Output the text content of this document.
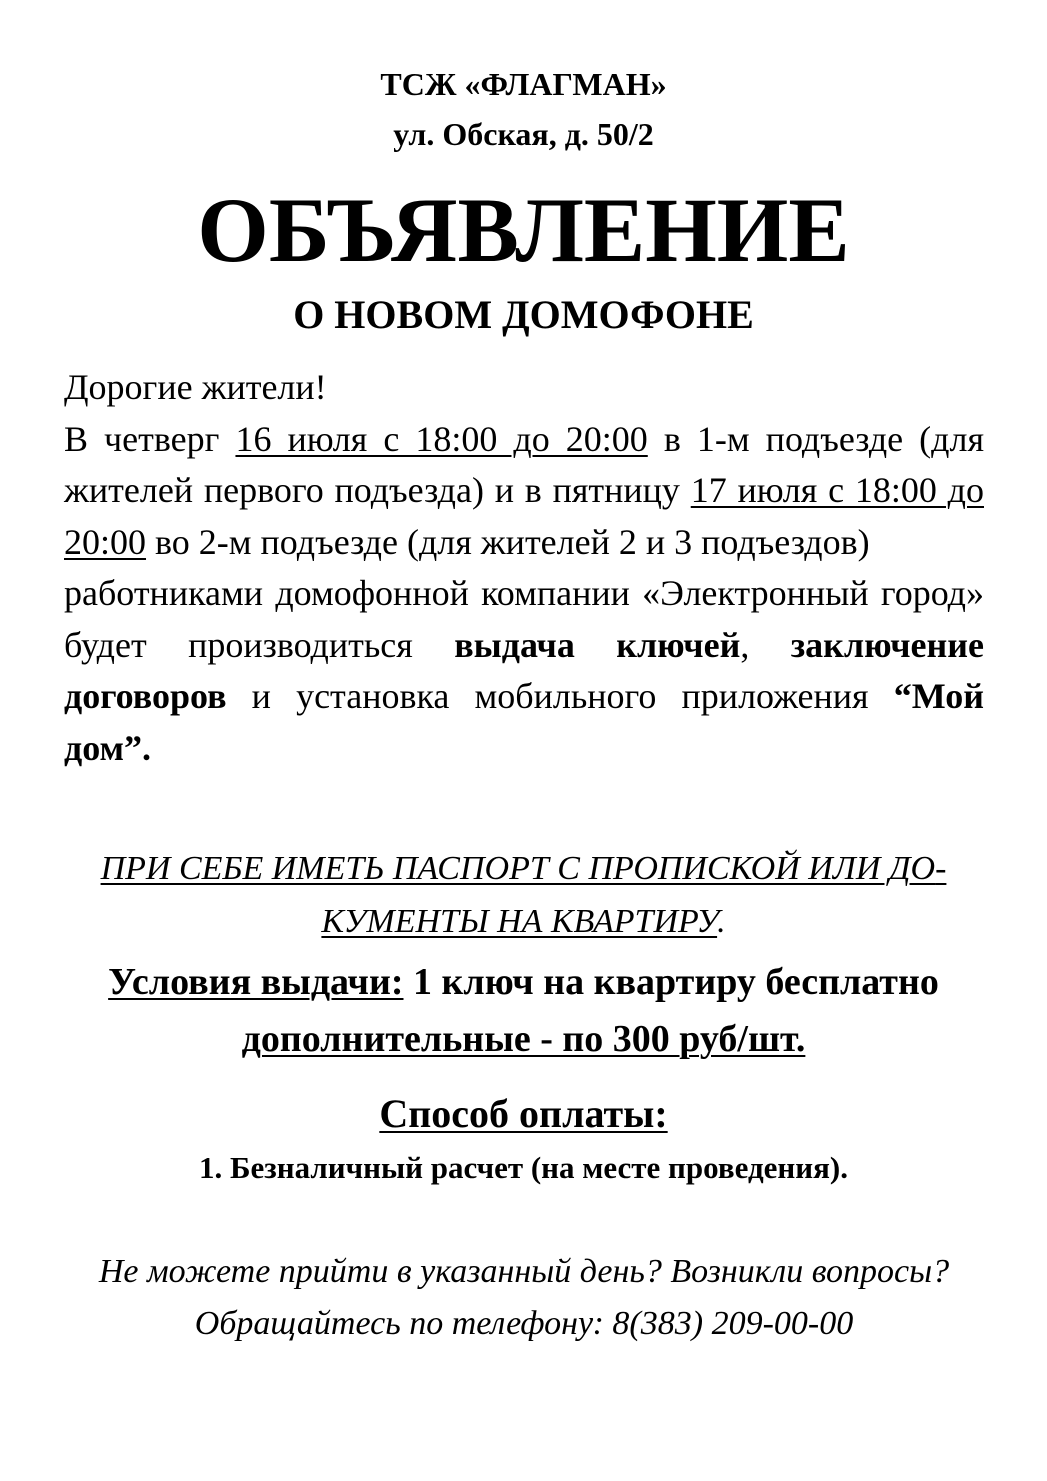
ТСЖ «ФЛАГМАН»
ул. Обская, д. 50/2
ОБЪЯВЛЕНИЕ
О НОВОМ ДОМОФОНЕ

Дорогие жители!

В четверг 16 июля с 18:00 до 20:00 в 1-м подъезде (для жителей первого подъезда) и в пятницу 17 июля с 18:00 до 20:00 во 2-м подъезде (для жителей 2 и 3 подъездов)

работниками домофонной компании «Электронный город» будет производиться выдача ключей, заключение договоров и установка мобильного приложения “Мой дом”.

ПРИ СЕБЕ ИМЕТЬ ПАСПОРТ С ПРОПИСКОЙ ИЛИ ДОКУМЕНТЫ НА КВАРТИРУ.
Условия выдачи: 1 ключ на квартиру бесплатно дополнительные - по 300 руб/шт.
Способ оплаты:
1. Безналичный расчет (на месте проведения).
Не можете прийти в указанный день? Возникли вопросы? Обращайтесь по телефону: 8(383) 209-00-00
